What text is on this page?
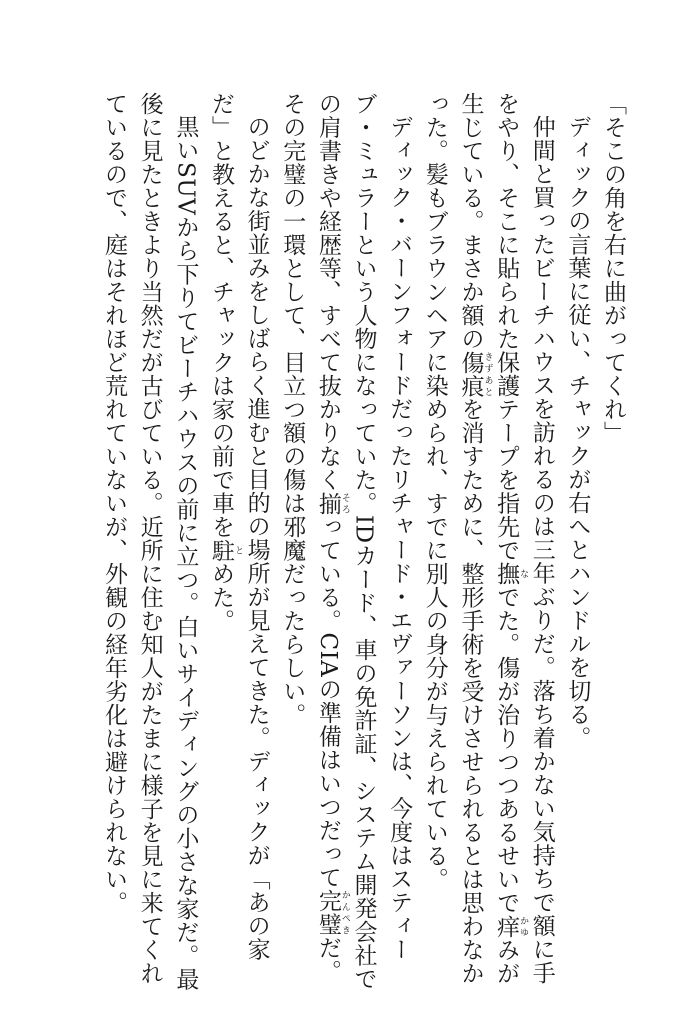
「そこの角を右に曲がってくれ」

ディックの言葉に従い、チャックが右へとハンドルを切る。

仲間と買ったビーチハウスを訪れるのは三年ぶりだ。落ち着かない気持ちで額に手をやり、そこに貼られた保護テープを指先で撫 なでた。傷が治りつつあるせいで痒 かゆみが生じている。まさか額の傷痕 きずあとを消すために、整形手術を受けさせられるとは思わなかった。髪もブラウンヘアに染められ、すでに別人の身分が与えられている。

ディック・バーンフォードだったリチャード・エヴァーソンは、今度はスティーブ・ミュラーという人物になっていた。IDカード、車の免許証、システム開発会社での肩書きや経歴等、すべて抜かりなく揃 そろっている。CIAの準備はいつだって完璧 かんぺきだ。その完璧の一環として、目立つ額の傷は邪魔だったらしい。

のどかな街並みをしばらく進むと目的の場所が見えてきた。ディックが「あの家だ」と教えると、チャックは家の前で車を駐 とめた。

黒いSUVから下りてビーチハウスの前に立つ。白いサイディングの小さな家だ。最後に見たときより当然だが古びている。近所に住む知人がたまに様子を見に来てくれているので、庭はそれほど荒れていないが、外観の経年劣化は避けられない。
